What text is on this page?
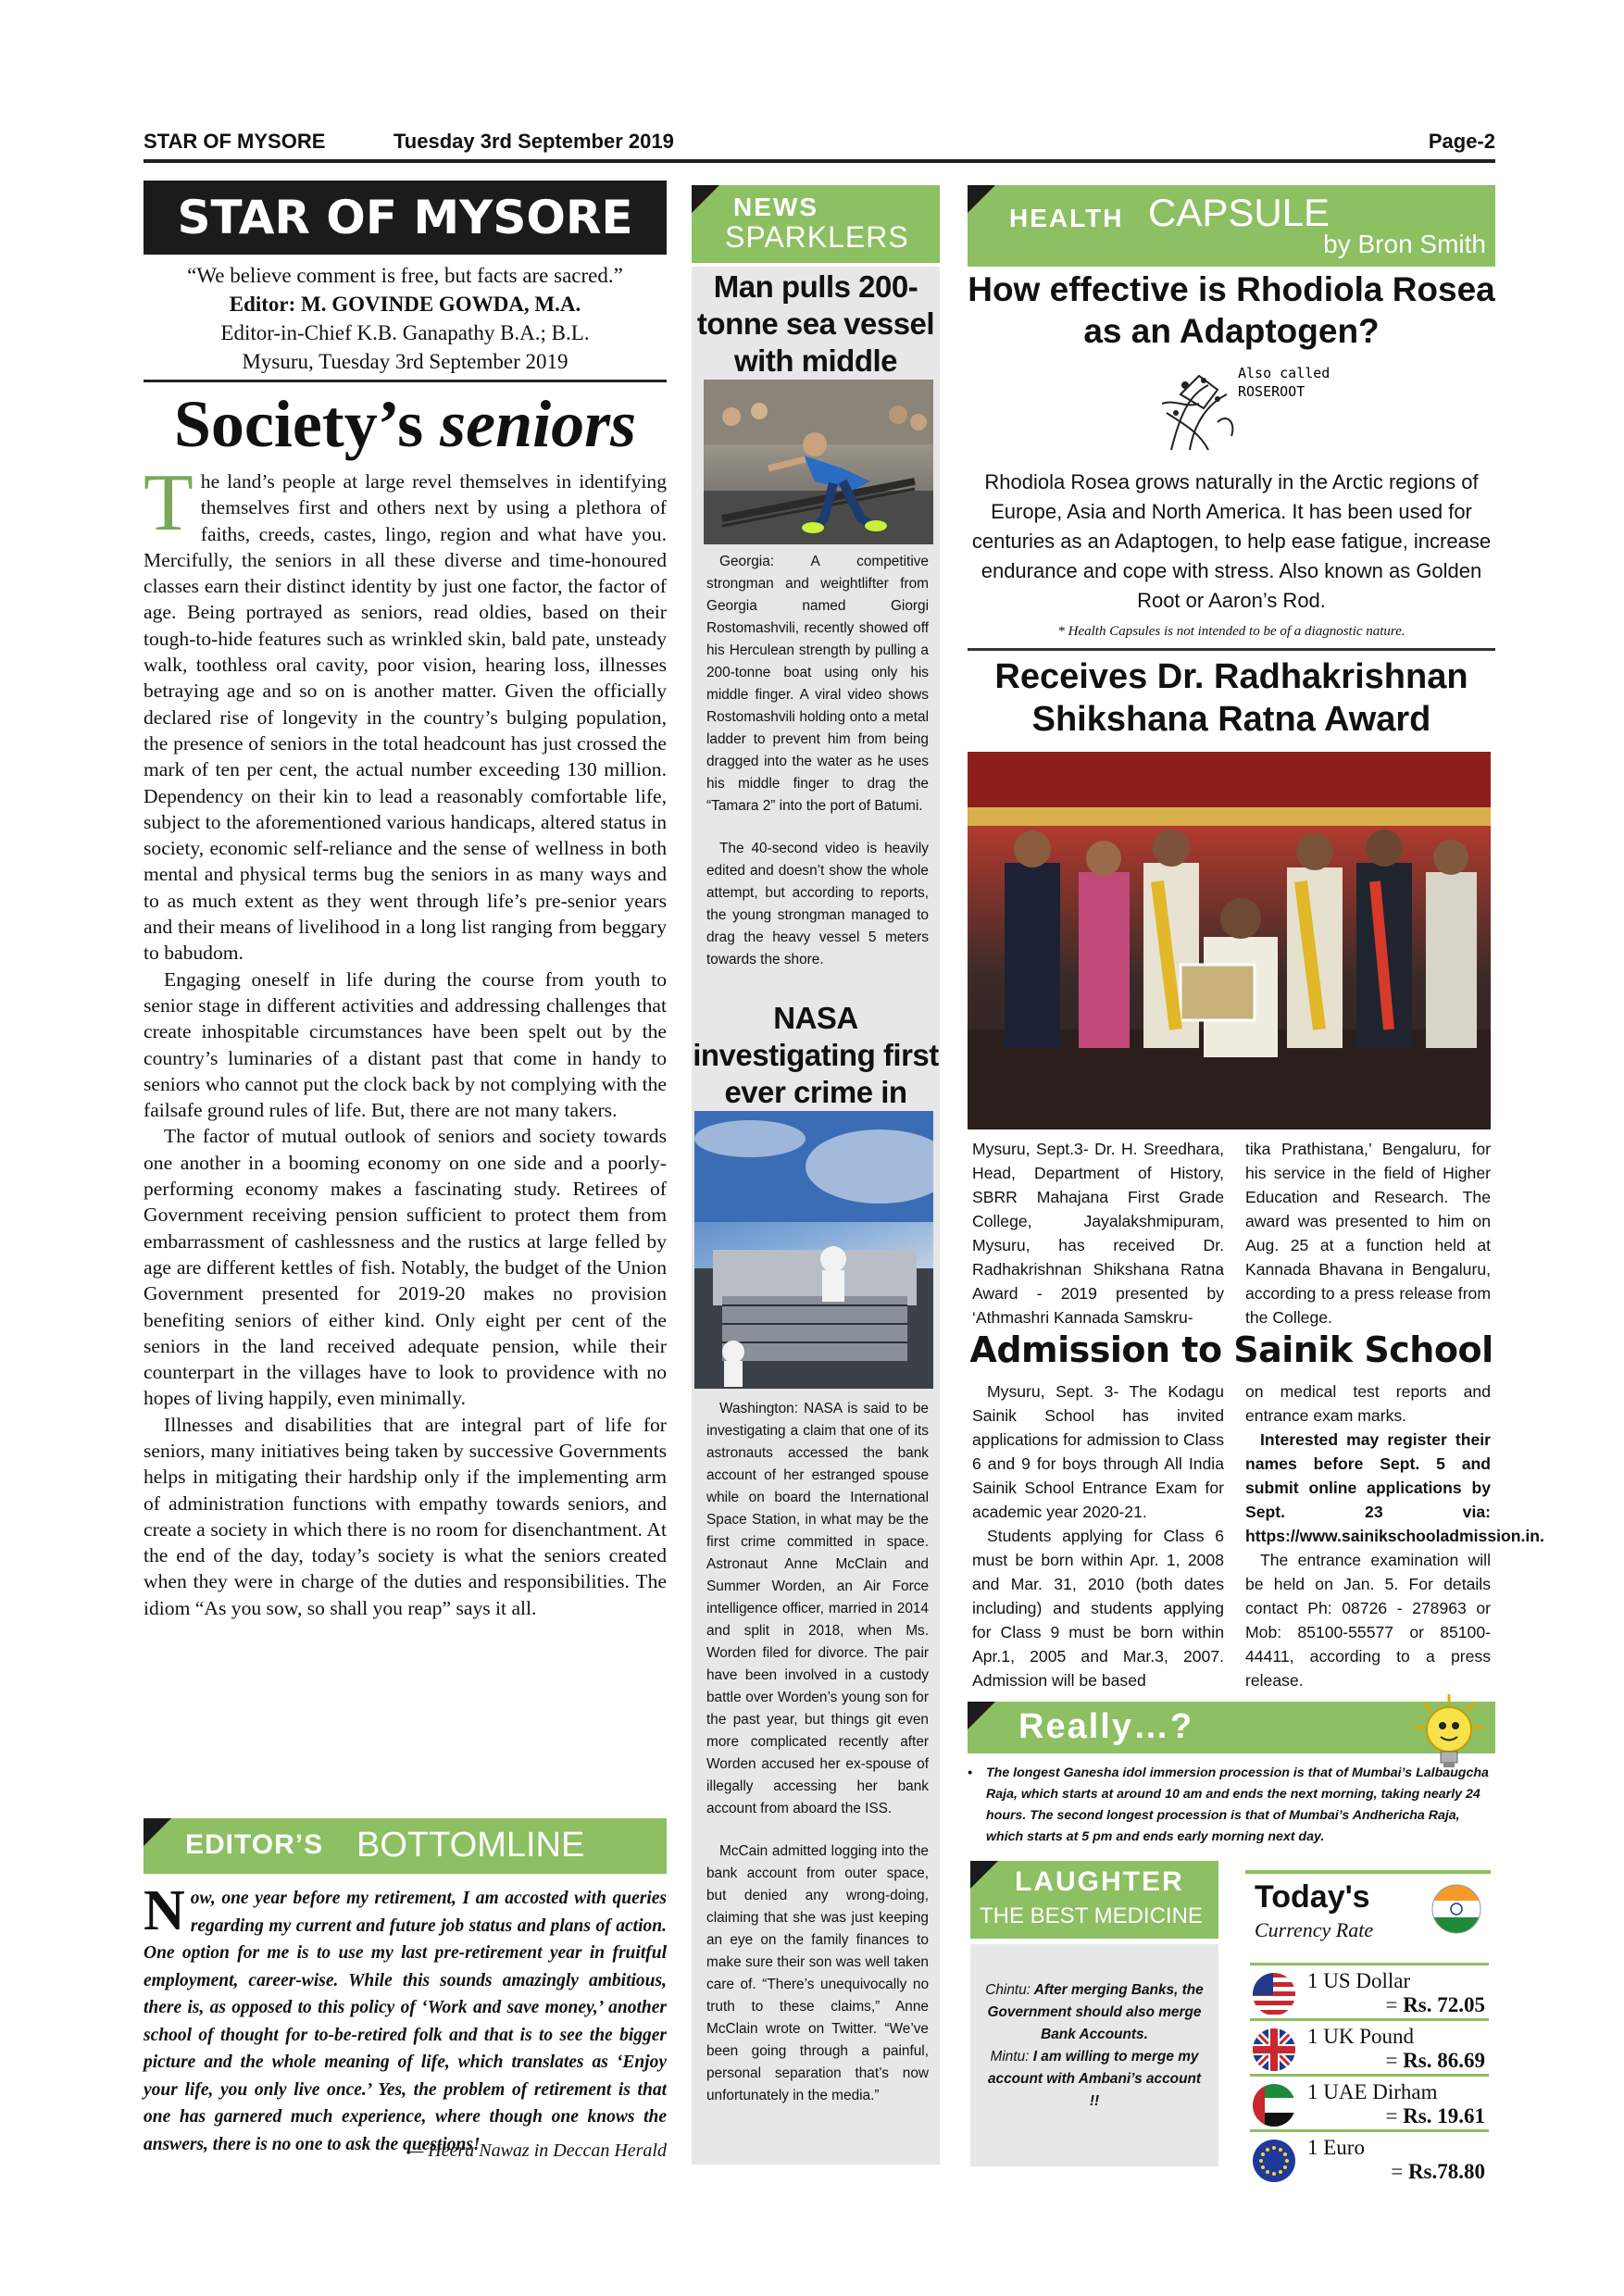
STAR OF MYSORE	Tuesday 3rd September 2019	Page-2
STAR OF MYSORE
“We believe comment is free, but facts are sacred.”
Editor: M. GOVINDE GOWDA, M.A.
Editor-in-Chief K.B. Ganapathy B.A.; B.L.
Mysuru, Tuesday 3rd September 2019
Society’s seniors

The land’s people at large revel themselves in identifying themselves first and others next by using a plethora of faiths, creeds, castes, lingo, region and what have you. Mercifully, the seniors in all these diverse and time-honoured classes earn their distinct identity by just one factor, the factor of age. Being portrayed as seniors, read oldies, based on their tough-to-hide features such as wrinkled skin, bald pate, unsteady walk, toothless oral cavity, poor vision, hearing loss, illnesses betraying age and so on is another matter. Given the officially declared rise of longevity in the country’s bulging population, the presence of seniors in the total headcount has just crossed the mark of ten per cent, the actual number exceeding 130 million. Dependency on their kin to lead a reasonably comfortable life, subject to the aforementioned various handicaps, altered status in society, economic self-reliance and the sense of wellness in both mental and physical terms bug the seniors in as many ways and to as much extent as they went through life’s pre-senior years and their means of livelihood in a long list ranging from beggary to babudom.

Engaging oneself in life during the course from youth to senior stage in different activities and addressing challenges that create inhospitable circumstances have been spelt out by the country’s luminaries of a distant past that come in handy to seniors who cannot put the clock back by not complying with the failsafe ground rules of life. But, there are not many takers.

The factor of mutual outlook of seniors and society towards one another in a booming economy on one side and a poorly-performing economy makes a fascinating study. Retirees of Government receiving pension sufficient to protect them from embarrassment of cashlessness and the rustics at large felled by age are different kettles of fish. Notably, the budget of the Union Government presented for 2019-20 makes no provision benefiting seniors of either kind. Only eight per cent of the seniors in the land received adequate pension, while their counterpart in the villages have to look to providence with no hopes of living happily, even minimally.

Illnesses and disabilities that are integral part of life for seniors, many initiatives being taken by successive Governments helps in mitigating their hardship only if the implementing arm of administration functions with empathy towards seniors, and create a society in which there is no room for disenchantment. At the end of the day, today’s society is what the seniors created when they were in charge of the duties and responsibilities. The idiom “As you sow, so shall you reap” says it all.

EDITOR’S BOTTOMLINE
Now, one year before my retirement, I am accosted with queries regarding my current and future job status and plans of action. One option for me is to use my last pre-retirement year in fruitful employment, career-wise. While this sounds amazingly ambitious, there is, as opposed to this policy of ‘Work and save money,’ another school of thought for to-be-retired folk and that is to see the bigger picture and the whole meaning of life, which translates as ‘Enjoy your life, you only live once.’ Yes, the problem of retirement is that one has garnered much experience, where though one knows the answers, there is no one to ask the questions!
— Heera Nawaz in Deccan Herald
NEWS
SPARKLERS
Man pulls 200-tonne sea vessel with middle

Georgia: A competitive strongman and weightlifter from Georgia named Giorgi Rostomashvili, recently showed off his Herculean strength by pulling a 200-tonne boat using only his middle finger. A viral video shows Rostomashvili holding onto a metal ladder to prevent him from being dragged into the water as he uses his middle finger to drag the “Tamara 2” into the port of Batumi.

The 40-second video is heavily edited and doesn’t show the whole attempt, but according to reports, the young strongman managed to drag the heavy vessel 5 meters towards the shore.

NASA investigating first ever crime in

Washington: NASA is said to be investigating a claim that one of its astronauts accessed the bank account of her estranged spouse while on board the International Space Station, in what may be the first crime committed in space. Astronaut Anne McClain and Summer Worden, an Air Force intelligence officer, married in 2014 and split in 2018, when Ms. Worden filed for divorce. The pair have been involved in a custody battle over Worden’s young son for the past year, but things git even more complicated recently after Worden accused her ex-spouse of illegally accessing her bank account from aboard the ISS.

McCain admitted logging into the bank account from outer space, but denied any wrong-doing, claiming that she was just keeping an eye on the family finances to make sure their son was well taken care of. “There’s unequivocally no truth to these claims,” Anne McClain wrote on Twitter. “We’ve been going through a painful, personal separation that’s now unfortunately in the media.”

HEALTH CAPSULE
by Bron Smith
How effective is Rhodiola Rosea as an Adaptogen?
Also called
ROSEROOT
Rhodiola Rosea grows naturally in the Arctic regions of Europe, Asia and North America. It has been used for centuries as an Adaptogen, to help ease fatigue, increase endurance and cope with stress. Also known as Golden Root or Aaron’s Rod.
* Health Capsules is not intended to be of a diagnostic nature.
Receives Dr. Radhakrishnan Shikshana Ratna Award
Mysuru, Sept.3- Dr. H. Sreedhara, Head, Department of History, SBRR Mahajana First Grade College, Jayalakshmipuram, Mysuru, has received Dr. Radhakrishnan Shikshana Ratna Award - 2019 presented by ‘Athmashri Kannada Samskru-
tika Prathistana,’ Bengaluru, for his service in the field of Higher Education and Research. The award was presented to him on Aug. 25 at a function held at Kannada Bhavana in Bengaluru, according to a press release from the College.
Admission to Sainik School

Mysuru, Sept. 3- The Kodagu Sainik School has invited applications for admission to Class 6 and 9 for boys through All India Sainik School Entrance Exam for academic year 2020-21.

Students applying for Class 6 must be born within Apr. 1, 2008 and Mar. 31, 2010 (both dates including) and students applying for Class 9 must be born within Apr.1, 2005 and Mar.3, 2007. Admission will be based

on medical test reports and entrance exam marks.

Interested may register their names before Sept. 5 and submit online applications by Sept. 23 via: https://www.sainikschooladmission.in.

The entrance examination will be held on Jan. 5. For details contact Ph: 08726 - 278963 or Mob: 85100-55577 or 85100-44411, according to a press release.

Really…?
•	The longest Ganesha idol immersion procession is that of Mumbai’s Lalbaugcha Raja, which starts at around 10 am and ends the next morning, taking nearly 24 hours. The second longest procession is that of Mumbai’s Andhericha Raja, which starts at 5 pm and ends early morning next day.
LAUGHTER
THE BEST MEDICINE
Chintu: After merging Banks, the Government should also merge Bank Accounts.
Mintu: I am willing to merge my account with Ambani’s account !!
Today's
Currency Rate
1 US Dollar
= Rs. 72.05
1 UK Pound
= Rs. 86.69
1 UAE Dirham
= Rs. 19.61
1 Euro
= Rs.78.80
